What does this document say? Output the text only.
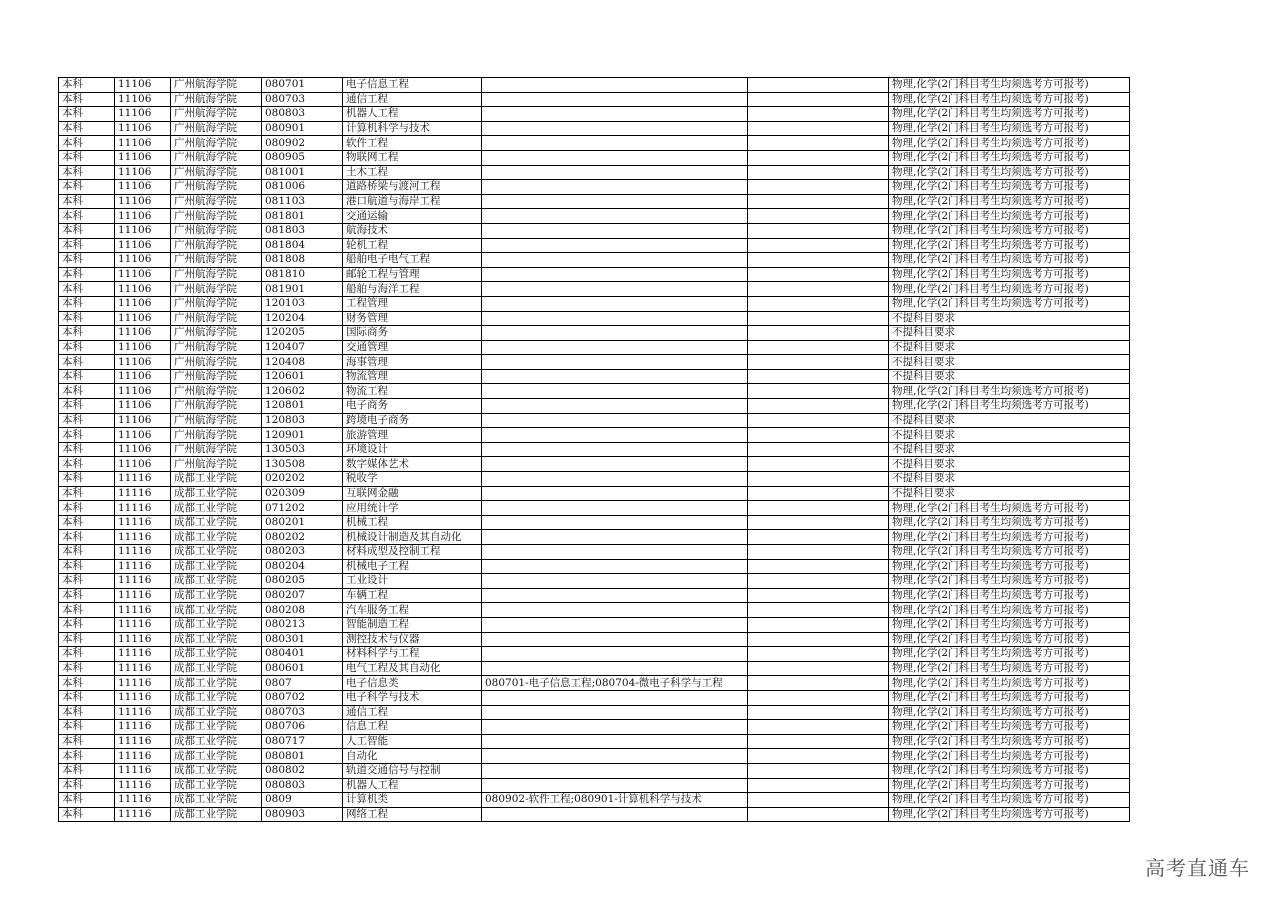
本科	11106	广州航海学院	080701	电子信息工程			物理,化学(2门科目考生均须选考方可报考)
本科	11106	广州航海学院	080703	通信工程			物理,化学(2门科目考生均须选考方可报考)
本科	11106	广州航海学院	080803	机器人工程			物理,化学(2门科目考生均须选考方可报考)
本科	11106	广州航海学院	080901	计算机科学与技术			物理,化学(2门科目考生均须选考方可报考)
本科	11106	广州航海学院	080902	软件工程			物理,化学(2门科目考生均须选考方可报考)
本科	11106	广州航海学院	080905	物联网工程			物理,化学(2门科目考生均须选考方可报考)
本科	11106	广州航海学院	081001	土木工程			物理,化学(2门科目考生均须选考方可报考)
本科	11106	广州航海学院	081006	道路桥梁与渡河工程			物理,化学(2门科目考生均须选考方可报考)
本科	11106	广州航海学院	081103	港口航道与海岸工程			物理,化学(2门科目考生均须选考方可报考)
本科	11106	广州航海学院	081801	交通运输			物理,化学(2门科目考生均须选考方可报考)
本科	11106	广州航海学院	081803	航海技术			物理,化学(2门科目考生均须选考方可报考)
本科	11106	广州航海学院	081804	轮机工程			物理,化学(2门科目考生均须选考方可报考)
本科	11106	广州航海学院	081808	船舶电子电气工程			物理,化学(2门科目考生均须选考方可报考)
本科	11106	广州航海学院	081810	邮轮工程与管理			物理,化学(2门科目考生均须选考方可报考)
本科	11106	广州航海学院	081901	船舶与海洋工程			物理,化学(2门科目考生均须选考方可报考)
本科	11106	广州航海学院	120103	工程管理			物理,化学(2门科目考生均须选考方可报考)
本科	11106	广州航海学院	120204	财务管理			不提科目要求
本科	11106	广州航海学院	120205	国际商务			不提科目要求
本科	11106	广州航海学院	120407	交通管理			不提科目要求
本科	11106	广州航海学院	120408	海事管理			不提科目要求
本科	11106	广州航海学院	120601	物流管理			不提科目要求
本科	11106	广州航海学院	120602	物流工程			物理,化学(2门科目考生均须选考方可报考)
本科	11106	广州航海学院	120801	电子商务			物理,化学(2门科目考生均须选考方可报考)
本科	11106	广州航海学院	120803	跨境电子商务			不提科目要求
本科	11106	广州航海学院	120901	旅游管理			不提科目要求
本科	11106	广州航海学院	130503	环境设计			不提科目要求
本科	11106	广州航海学院	130508	数字媒体艺术			不提科目要求
本科	11116	成都工业学院	020202	税收学			不提科目要求
本科	11116	成都工业学院	020309	互联网金融			不提科目要求
本科	11116	成都工业学院	071202	应用统计学			物理,化学(2门科目考生均须选考方可报考)
本科	11116	成都工业学院	080201	机械工程			物理,化学(2门科目考生均须选考方可报考)
本科	11116	成都工业学院	080202	机械设计制造及其自动化			物理,化学(2门科目考生均须选考方可报考)
本科	11116	成都工业学院	080203	材料成型及控制工程			物理,化学(2门科目考生均须选考方可报考)
本科	11116	成都工业学院	080204	机械电子工程			物理,化学(2门科目考生均须选考方可报考)
本科	11116	成都工业学院	080205	工业设计			物理,化学(2门科目考生均须选考方可报考)
本科	11116	成都工业学院	080207	车辆工程			物理,化学(2门科目考生均须选考方可报考)
本科	11116	成都工业学院	080208	汽车服务工程			物理,化学(2门科目考生均须选考方可报考)
本科	11116	成都工业学院	080213	智能制造工程			物理,化学(2门科目考生均须选考方可报考)
本科	11116	成都工业学院	080301	测控技术与仪器			物理,化学(2门科目考生均须选考方可报考)
本科	11116	成都工业学院	080401	材料科学与工程			物理,化学(2门科目考生均须选考方可报考)
本科	11116	成都工业学院	080601	电气工程及其自动化			物理,化学(2门科目考生均须选考方可报考)
本科	11116	成都工业学院	0807	电子信息类	080701-电子信息工程;080704-微电子科学与工程		物理,化学(2门科目考生均须选考方可报考)
本科	11116	成都工业学院	080702	电子科学与技术			物理,化学(2门科目考生均须选考方可报考)
本科	11116	成都工业学院	080703	通信工程			物理,化学(2门科目考生均须选考方可报考)
本科	11116	成都工业学院	080706	信息工程			物理,化学(2门科目考生均须选考方可报考)
本科	11116	成都工业学院	080717	人工智能			物理,化学(2门科目考生均须选考方可报考)
本科	11116	成都工业学院	080801	自动化			物理,化学(2门科目考生均须选考方可报考)
本科	11116	成都工业学院	080802	轨道交通信号与控制			物理,化学(2门科目考生均须选考方可报考)
本科	11116	成都工业学院	080803	机器人工程			物理,化学(2门科目考生均须选考方可报考)
本科	11116	成都工业学院	0809	计算机类	080902-软件工程;080901-计算机科学与技术		物理,化学(2门科目考生均须选考方可报考)
本科	11116	成都工业学院	080903	网络工程			物理,化学(2门科目考生均须选考方可报考)
高考直通车
